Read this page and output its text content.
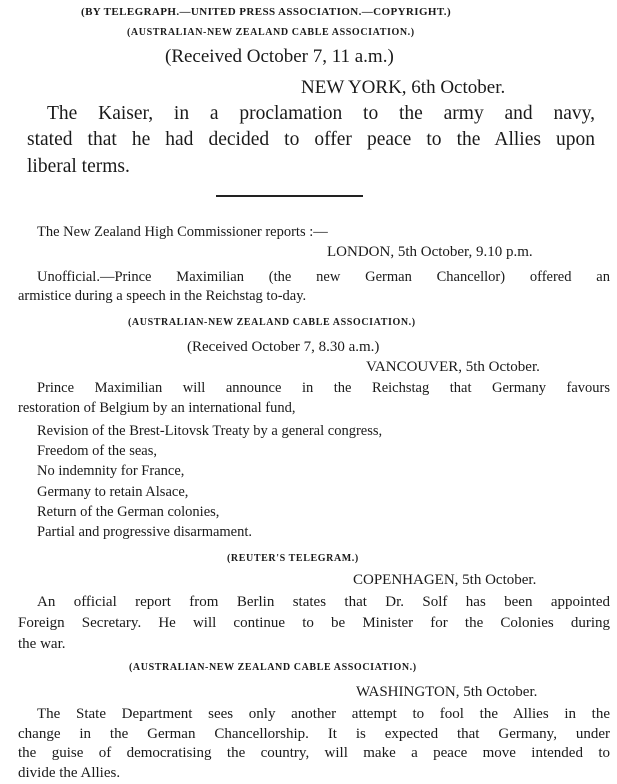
(BY TELEGRAPH.—UNITED PRESS ASSOCIATION.—COPYRIGHT.)
(AUSTRALIAN-NEW ZEALAND CABLE ASSOCIATION.)
(Received October 7, 11 a.m.)
NEW YORK, 6th October.
The Kaiser, in a proclamation to the army and navy,
stated that he had decided to offer peace to the Allies upon
liberal terms.
The New Zealand High Commissioner reports :—
LONDON, 5th October, 9.10 p.m.
Unofficial.—Prince Maximilian (the new German Chancellor) offered an
armistice during a speech in the Reichstag to-day.
(AUSTRALIAN-NEW ZEALAND CABLE ASSOCIATION.)
(Received October 7, 8.30 a.m.)
VANCOUVER, 5th October.
Prince Maximilian will announce in the Reichstag that Germany favours
restoration of Belgium by an international fund,
Revision of the Brest-Litovsk Treaty by a general congress,
Freedom of the seas,
No indemnity for France,
Germany to retain Alsace,
Return of the German colonies,
Partial and progressive disarmament.
(REUTER'S TELEGRAM.)
COPENHAGEN, 5th October.
An official report from Berlin states that Dr. Solf has been appointed
Foreign Secretary. He will continue to be Minister for the Colonies during
the war.
(AUSTRALIAN-NEW ZEALAND CABLE ASSOCIATION.)
WASHINGTON, 5th October.
The State Department sees only another attempt to fool the Allies in the
change in the German Chancellorship. It is expected that Germany, under
the guise of democratising the country, will make a peace move intended to
divide the Allies.
